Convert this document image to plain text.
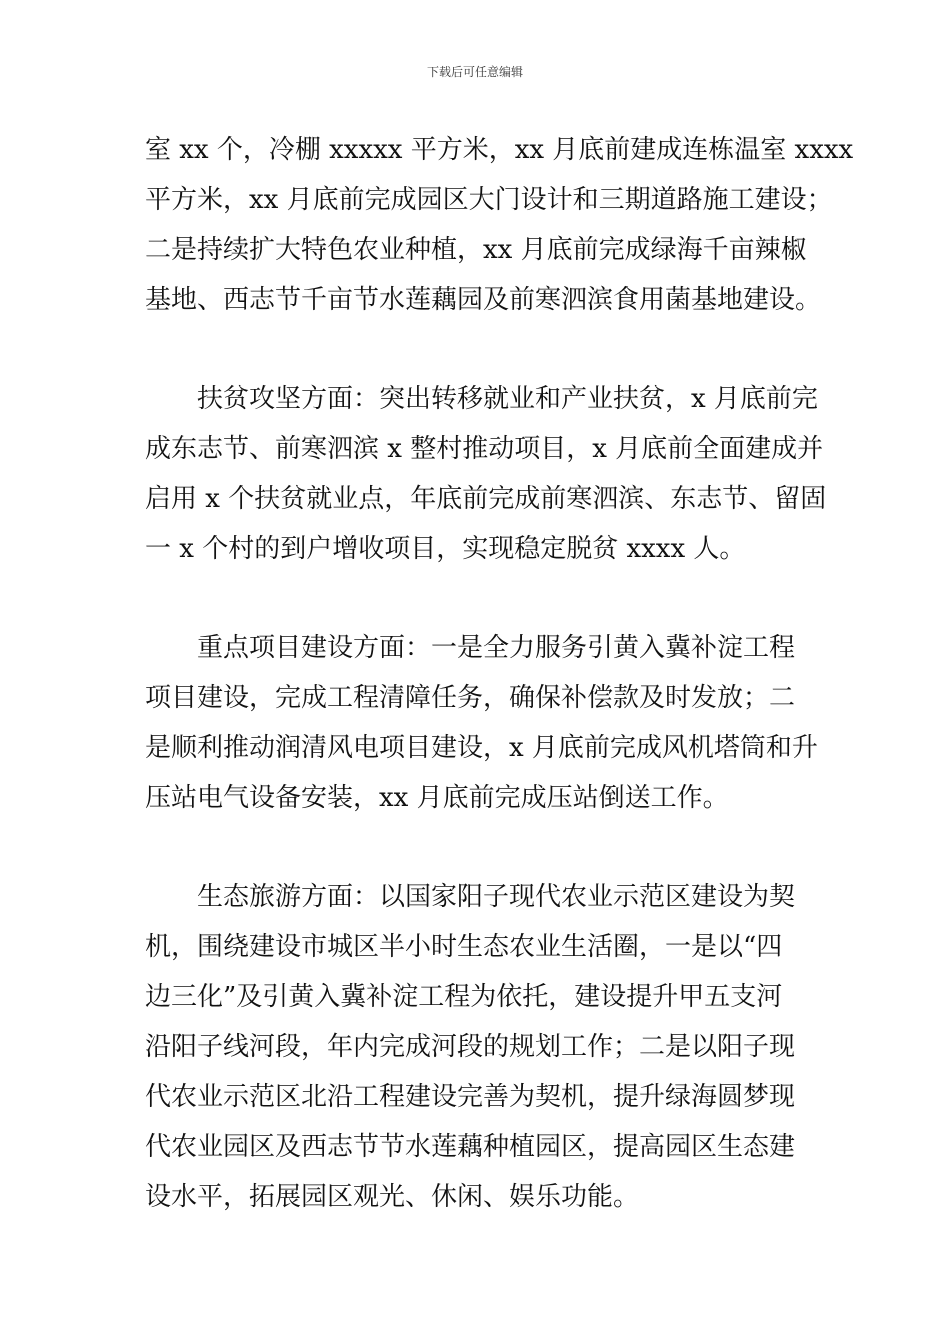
下载后可任意编辑
室 xx 个，冷棚 xxxxx 平方米，xx 月底前建成连栋温室 xxxx
平方米，xx 月底前完成园区大门设计和三期道路施工建设；
二是持续扩大特色农业种植，xx 月底前完成绿海千亩辣椒
基地、西志节千亩节水莲藕园及前寒泗滨食用菌基地建设。
扶贫攻坚方面：突出转移就业和产业扶贫，x 月底前完
成东志节、前寒泗滨 x 整村推动项目，x 月底前全面建成并
启用 x 个扶贫就业点，年底前完成前寒泗滨、东志节、留固
一 x 个村的到户增收项目，实现稳定脱贫 xxxx 人。
重点项目建设方面：一是全力服务引黄入冀补淀工程
项目建设，完成工程清障任务，确保补偿款及时发放；二
是顺利推动润清风电项目建设，x 月底前完成风机塔筒和升
压站电气设备安装，xx 月底前完成压站倒送工作。
生态旅游方面：以国家阳子现代农业示范区建设为契
机，围绕建设市城区半小时生态农业生活圈，一是以“四
边三化”及引黄入冀补淀工程为依托，建设提升甲五支河
沿阳子线河段，年内完成河段的规划工作；二是以阳子现
代农业示范区北沿工程建设完善为契机，提升绿海圆梦现
代农业园区及西志节节水莲藕种植园区，提高园区生态建
设水平，拓展园区观光、休闲、娱乐功能。
